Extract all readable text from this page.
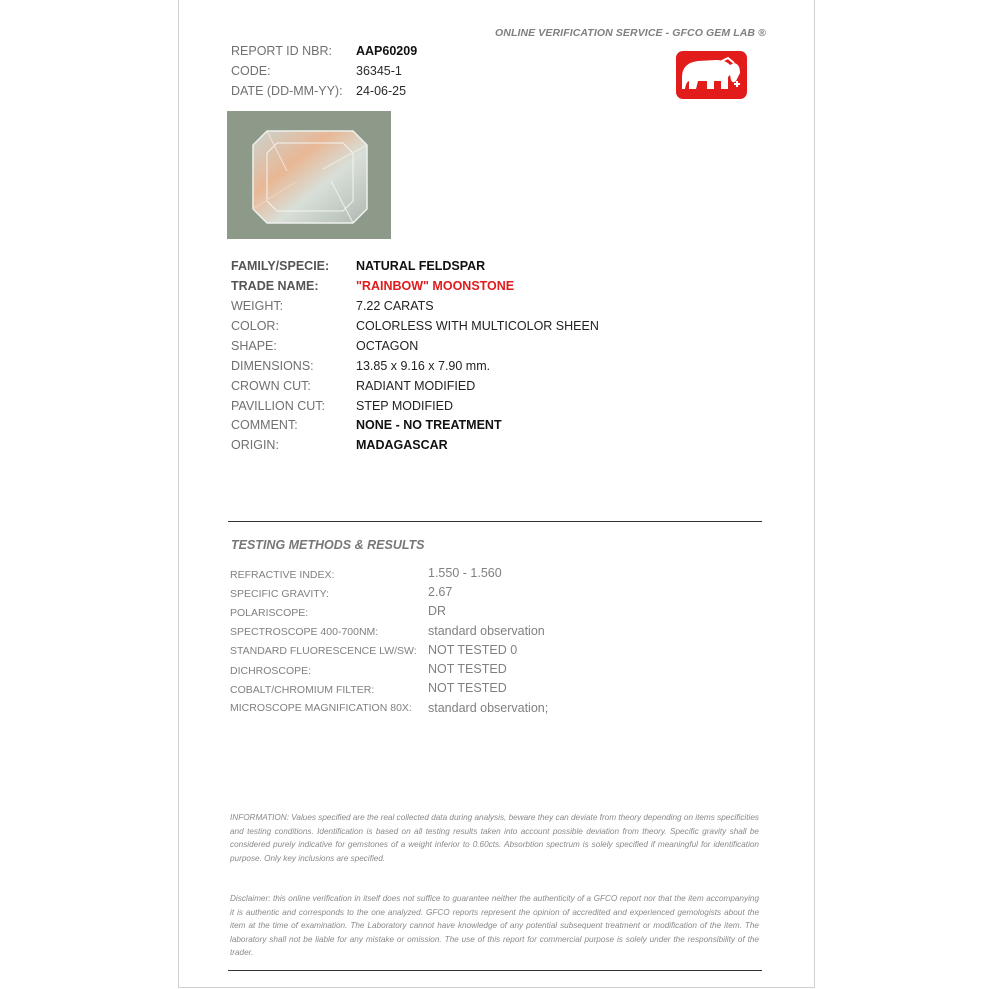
ONLINE VERIFICATION SERVICE - GFCO GEM LAB ®
REPORT ID NBR: AAP60209
CODE:	36345-1
DATE (DD-MM-YY): 24-06-25
FAMILY/SPECIE: NATURAL FELDSPAR
TRADE NAME:	"RAINBOW" MOONSTONE
WEIGHT:	7.22 CARATS
COLOR:	COLORLESS WITH MULTICOLOR SHEEN
SHAPE:	OCTAGON
DIMENSIONS:	13.85 x 9.16 x 7.90 mm.
CROWN CUT:	RADIANT MODIFIED
PAVILLION CUT: STEP MODIFIED
COMMENT:	NONE - NO TREATMENT
ORIGIN:	MADAGASCAR
TESTING METHODS & RESULTS
REFRACTIVE INDEX:	1.550 - 1.560
SPECIFIC GRAVITY:	2.67
POLARISCOPE:	DR
SPECTROSCOPE 400-700NM:	standard observation
STANDARD FLUORESCENCE LW/SW: NOT TESTED 0
DICHROSCOPE:	NOT TESTED
COBALT/CHROMIUM FILTER:	NOT TESTED
MICROSCOPE MAGNIFICATION 80X: standard observation;
INFORMATION: Values specified are the real collected data during analysis, beware they can deviate from theory depending on items specificities and testing conditions. Identification is based on all testing results taken into account possible deviation from theory. Specific gravity shall be considered purely indicative for gemstones of a weight inferior to 0.60cts. Absorbtion spectrum is solely specified if meaningful for identification purpose. Only key inclusions are specified.
Disclaimer: this online verification in itself does not suffice to guarantee neither the authenticity of a GFCO report nor that the item accompanying it is authentic and corresponds to the one analyzed. GFCO reports represent the opinion of accredited and experienced gemologists about the item at the time of examination. The Laboratory cannot have knowledge of any potential subsequent treatment or modification of the item. The laboratory shall not be liable for any mistake or omission. The use of this report for commercial purpose is solely under the responsibility of the trader.
